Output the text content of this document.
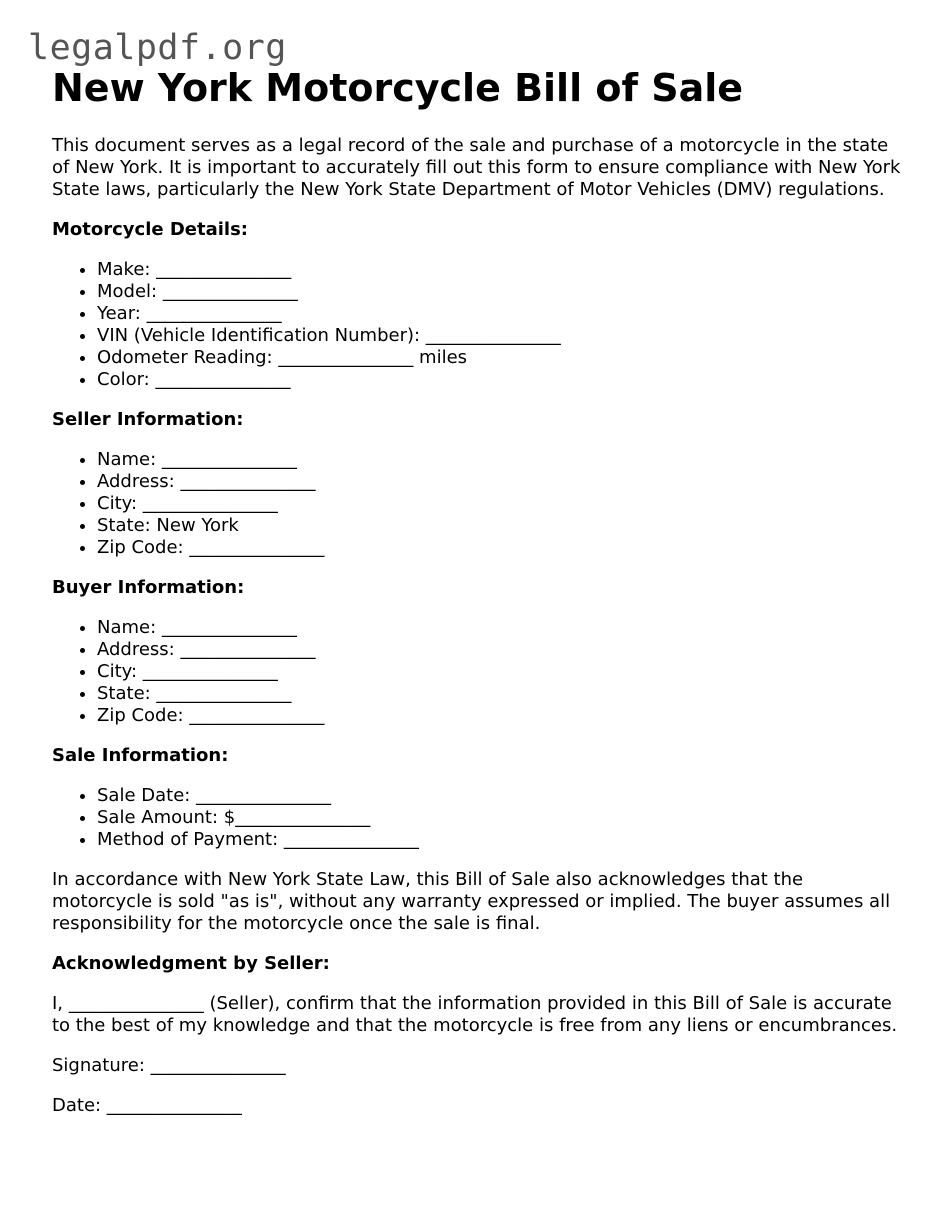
legalpdf.org
New York Motorcycle Bill of Sale

This document serves as a legal record of the sale and purchase of a motorcycle in the state of New York. It is important to accurately fill out this form to ensure compliance with New York State laws, particularly the New York State Department of Motor Vehicles (DMV) regulations.

Motorcycle Details:

• Make: _______________
• Model: _______________
• Year: _______________
• VIN (Vehicle Identification Number): _______________
• Odometer Reading: _______________ miles
• Color: _______________

Seller Information:

• Name: _______________
• Address: _______________
• City: _______________
• State: New York
• Zip Code: _______________

Buyer Information:

• Name: _______________
• Address: _______________
• City: _______________
• State: _______________
• Zip Code: _______________

Sale Information:

• Sale Date: _______________
• Sale Amount: $_______________
• Method of Payment: _______________

In accordance with New York State Law, this Bill of Sale also acknowledges that the motorcycle is sold "as is", without any warranty expressed or implied. The buyer assumes all responsibility for the motorcycle once the sale is final.

Acknowledgment by Seller:

I, _______________ (Seller), confirm that the information provided in this Bill of Sale is accurate to the best of my knowledge and that the motorcycle is free from any liens or encumbrances.

Signature: _______________

Date: _______________
